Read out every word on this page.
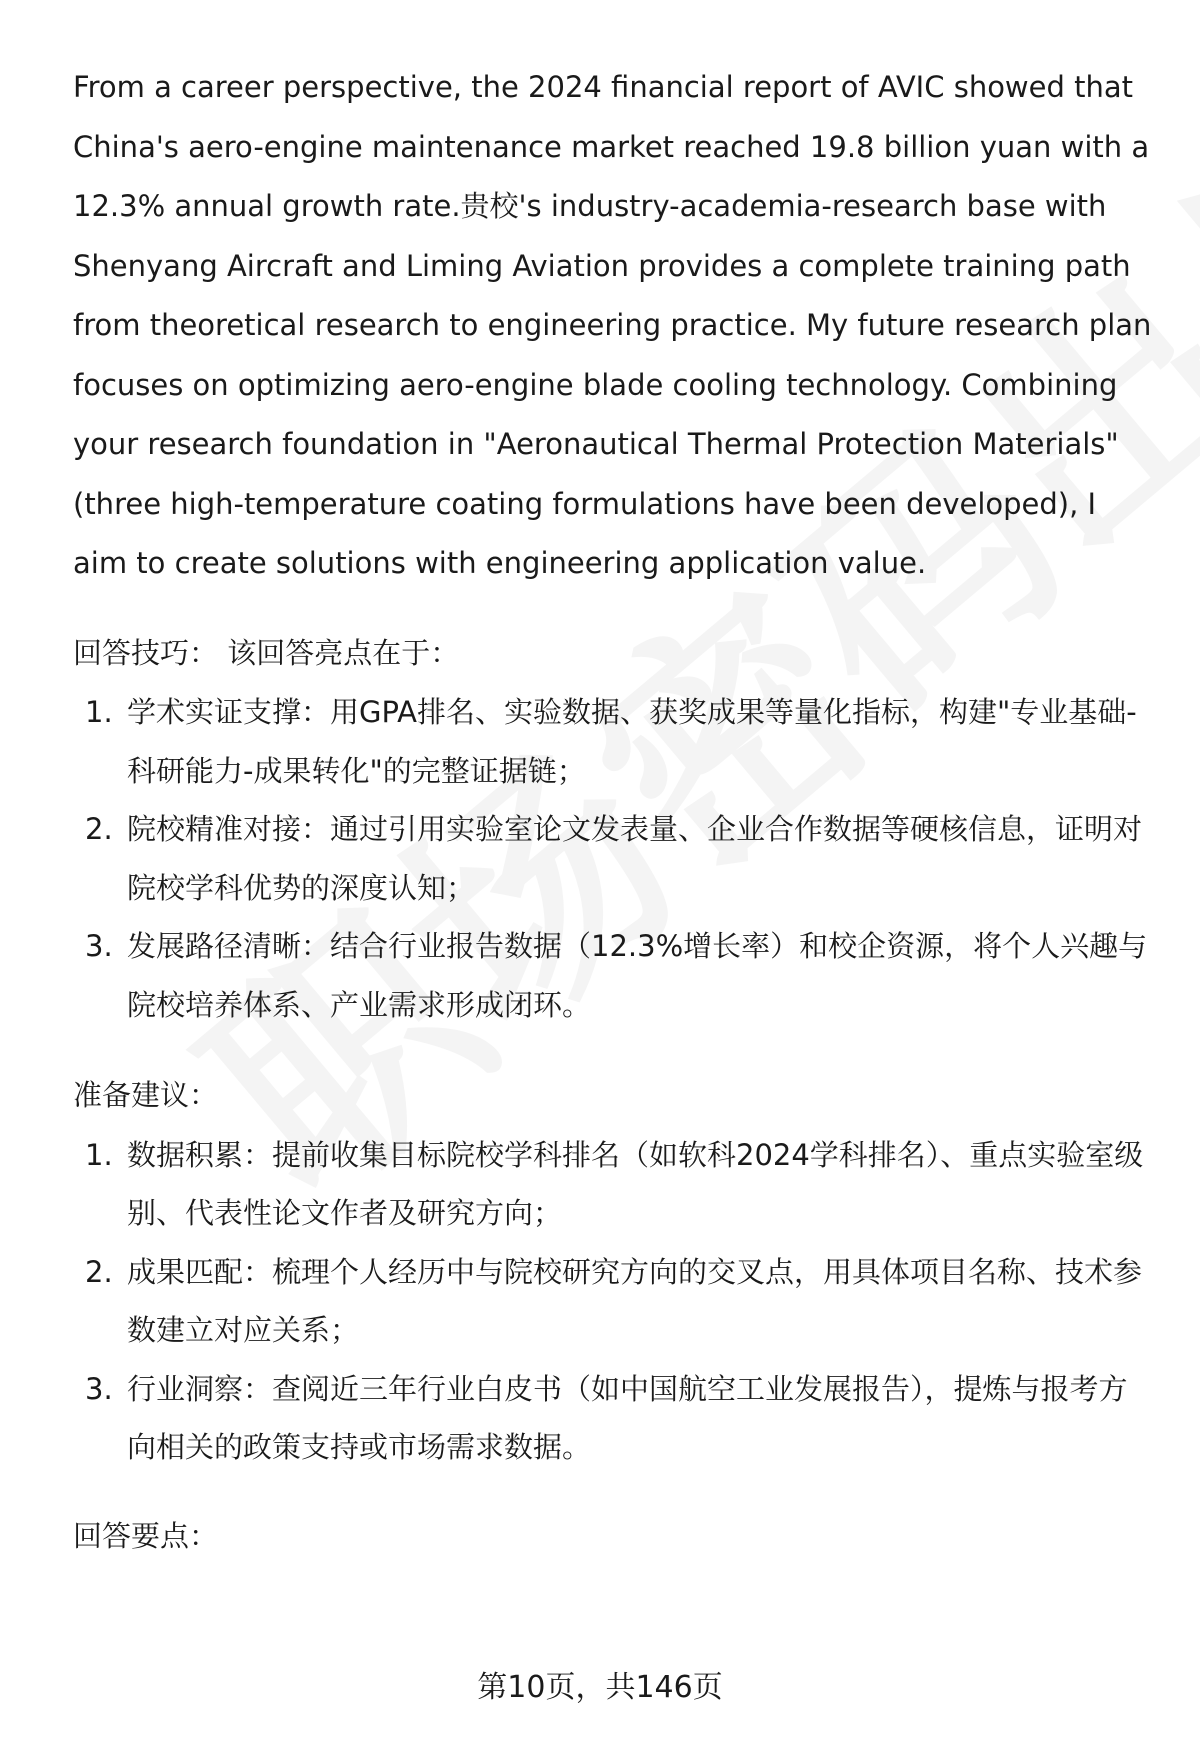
From a career perspective, the 2024 financial report of AVIC showed that China's aero-engine maintenance market reached 19.8 billion yuan with a 12.3% annual growth rate.贵校's industry-academia-research base with Shenyang Aircraft and Liming Aviation provides a complete training path from theoretical research to engineering practice. My future research plan focuses on optimizing aero-engine blade cooling technology. Combining your research foundation in "Aeronautical Thermal Protection Materials" (three high-temperature coating formulations have been developed), I aim to create solutions with engineering application value.

回答技巧： 该回答亮点在于：

1. 学术实证支撑：用GPA排名、实验数据、获奖成果等量化指标，构建"专业基础-科研能力-成果转化"的完整证据链；
2. 院校精准对接：通过引用实验室论文发表量、企业合作数据等硬核信息，证明对院校学科优势的深度认知；
3. 发展路径清晰：结合行业报告数据（12.3%增长率）和校企资源，将个人兴趣与院校培养体系、产业需求形成闭环。

准备建议：

1. 数据积累：提前收集目标院校学科排名（如软科2024学科排名）、重点实验室级别、代表性论文作者及研究方向；
2. 成果匹配：梳理个人经历中与院校研究方向的交叉点，用具体项目名称、技术参数建立对应关系；
3. 行业洞察：查阅近三年行业白皮书（如中国航空工业发展报告），提炼与报考方向相关的政策支持或市场需求数据。

回答要点：

第10页，共146页
